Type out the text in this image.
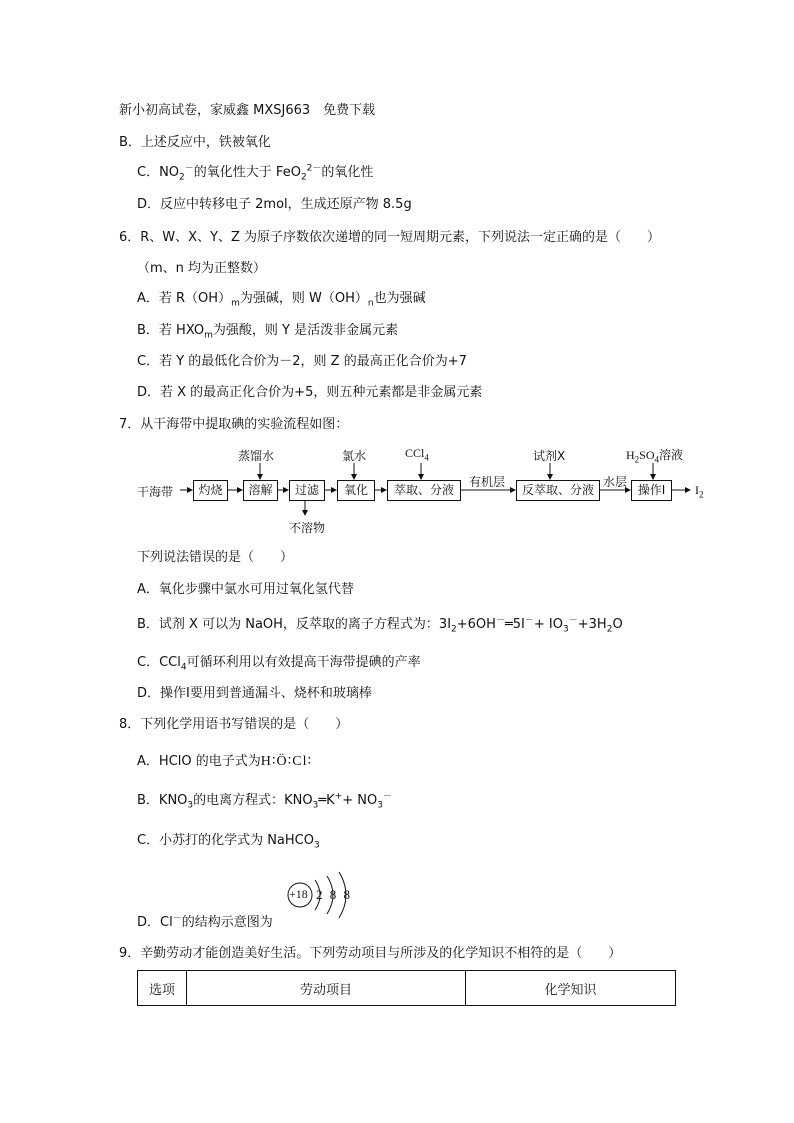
新小初高试卷，家威鑫 MXSJ663　免费下载
B．上述反应中，铁被氧化
C．$NO_2^-$的氧化性大于 FeO$_2^{2-}$的氧化性
D．反应中转移电子 2mol，生成还原产物 8.5g
6．R、W、X、Y、Z 为原子序数依次递增的同一短周期元素，下列说法一定正确的是（　　）
（m、n 均为正整数）
A．若 $R(OH)_m$为强碱，则 $W(OH)_n$也为强碱
B．若 $HXO_m$为强酸，则 Y 是活泼非金属元素
C．若 Y 的最低化合价为－2，则 Z 的最高正化合价为+7
D．若 X 的最高正化合价为+5，则五种元素都是非金属元素
7．从干海带中提取碘的实验流程如图：
干海带	灼烧	溶解	过滤	氧化	萃取、分液	反萃取、分液	操作Ⅰ
蒸馏水	氯水	CCl$_4$	试剂X	$H_2SO_4$溶液
有机层	水层
不溶物
$I_2$
下列说法错误的是（　　）
A．氧化步骤中氯水可用过氧化氢代替
B．试剂 X 可以为 NaOH，反萃取的离子方程式为：$3I_2+6OH^-═5I^-+ IO_3^-+3H_2O$
C．CCl$_4$可循环利用以有效提高干海带提碘的产率
D．操作Ⅰ要用到普通漏斗、烧杯和玻璃棒
8．下列化学用语书写错误的是（　　）
A．HClO 的电子式为H∶Ö∶Cl∶
B．$KNO_3$的电离方程式：$KNO_3═K^++ NO_3^-$
C．小苏打的化学式为 NaHCO$_3$
D．Cl－的结构示意图为
+18 2 8 8
9．辛勤劳动才能创造美好生活。下列劳动项目与所涉及的化学知识不相符的是（　　）
选项	劳动项目	化学知识
